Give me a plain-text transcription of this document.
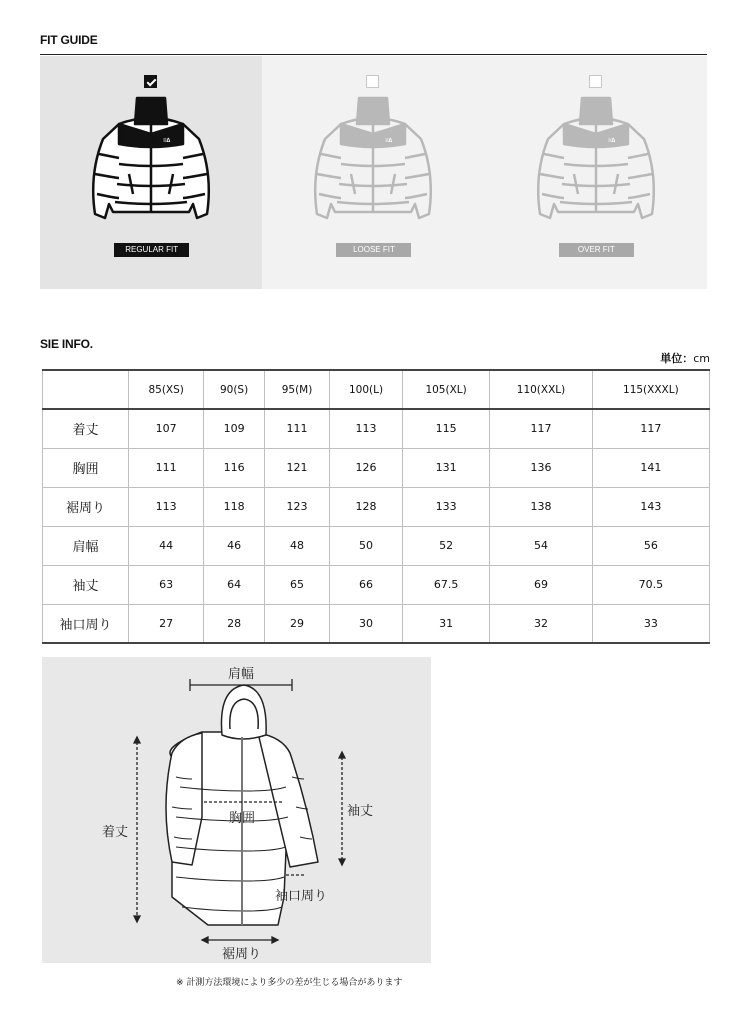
FIT GUIDE
≡∆
REGULAR FIT
≡∆
LOOSE FIT
≡∆
OVER FIT
SIE INFO.
単位：cm
	85(XS)	90(S)	95(M)	100(L)	105(XL)	110(XXL)	115(XXXL)
着丈	107	109	111	113	115	117	117
胸囲	111	116	121	126	131	136	141
裾周り	113	118	123	128	133	138	143
肩幅	44	46	48	50	52	54	56
袖丈	63	64	65	66	67.5	69	70.5
袖口周り	27	28	29	30	31	32	33
肩幅
着丈
胸囲	袖丈
袖口周り
裾周り
※ 計測方法環境により多少の差が生じる場合があります
